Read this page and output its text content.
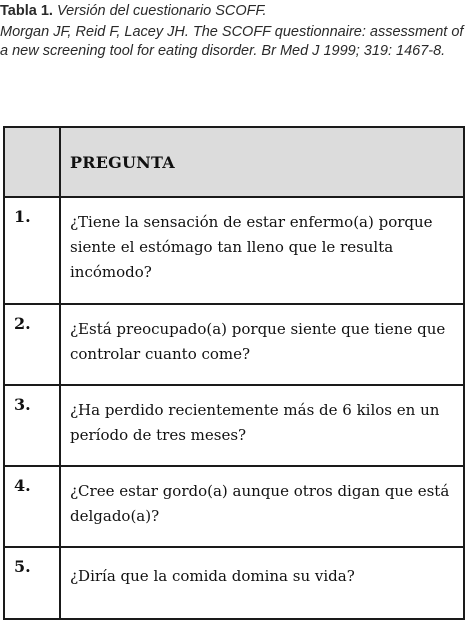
Tabla 1. Versión del cuestionario SCOFF.
Morgan JF, Reid F, Lacey JH. The SCOFF questionnaire: assessment of a new screening tool for eating disorder. Br Med J 1999; 319: 1467-8.
	PREGUNTA
1.	¿Tiene la sensación de estar enfermo(a) porque siente el estómago tan lleno que le resulta incómodo?
2.	¿Está preocupado(a) porque siente que tiene que controlar cuanto come?
3.	¿Ha perdido recientemente más de 6 kilos en un período de tres meses?
4.	¿Cree estar gordo(a) aunque otros digan que está delgado(a)?
5.	¿Diría que la comida domina su vida?
